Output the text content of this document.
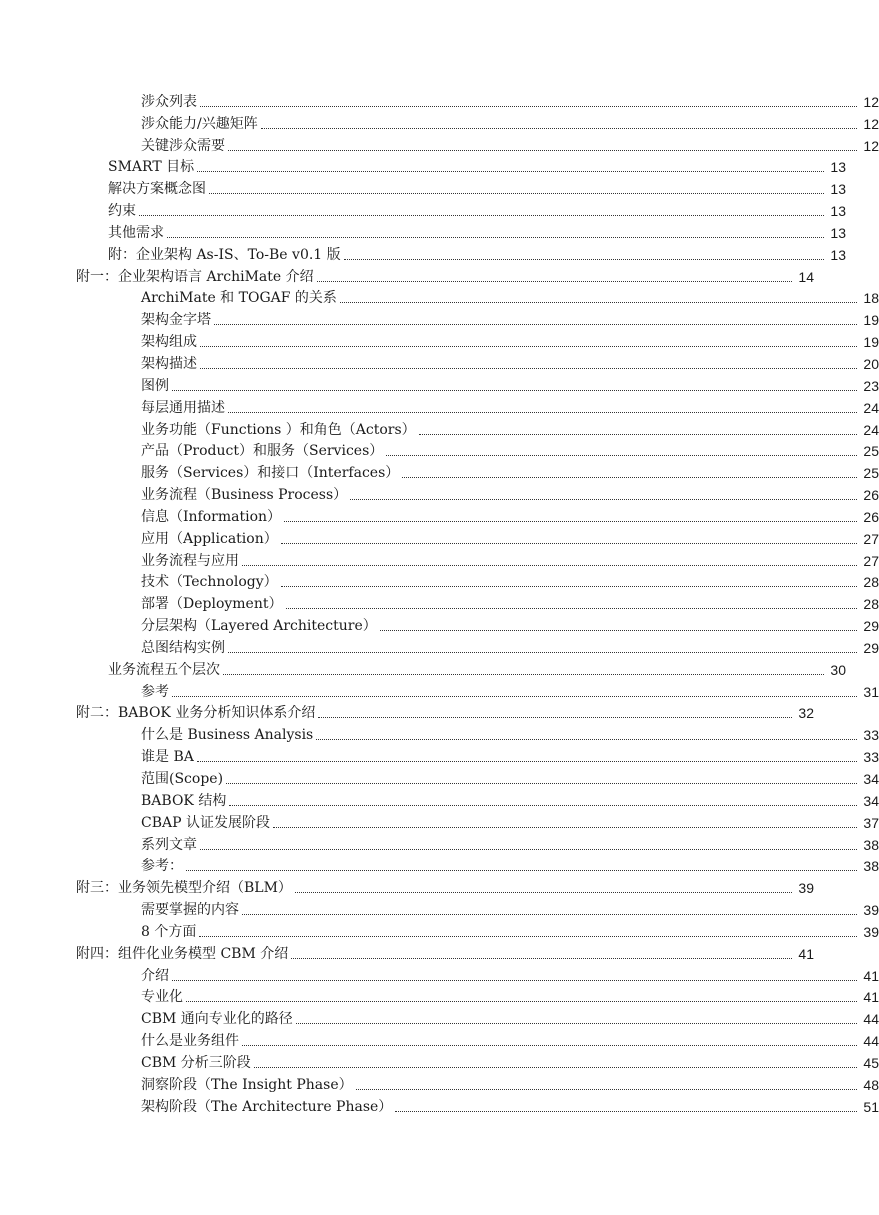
涉众列表	12
涉众能力/兴趣矩阵	12
关键涉众需要	12
SMART 目标	13
解决方案概念图	13
约束	13
其他需求	13
附：企业架构 As-IS、To-Be v0.1 版	13
附一：企业架构语言 ArchiMate 介绍	14
ArchiMate 和 TOGAF 的关系	18
架构金字塔	19
架构组成	19
架构描述	20
图例	23
每层通用描述	24
业务功能（Functions ）和角色（Actors）	24
产品（Product）和服务（Services）	25
服务（Services）和接口（Interfaces）	25
业务流程（Business Process）	26
信息（Information）	26
应用（Application）	27
业务流程与应用	27
技术（Technology）	28
部署（Deployment）	28
分层架构（Layered Architecture）	29
总图结构实例	29
业务流程五个层次	30
参考	31
附二：BABOK 业务分析知识体系介绍	32
什么是 Business Analysis	33
谁是 BA	33
范围(Scope)	34
BABOK 结构	34
CBAP 认证发展阶段	37
系列文章	38
参考：	38
附三：业务领先模型介绍（BLM）	39
需要掌握的内容	39
8 个方面	39
附四：组件化业务模型 CBM 介绍	41
介绍	41
专业化	41
CBM 通向专业化的路径	44
什么是业务组件	44
CBM 分析三阶段	45
洞察阶段（The Insight Phase）	48
架构阶段（The Architecture Phase）	51
